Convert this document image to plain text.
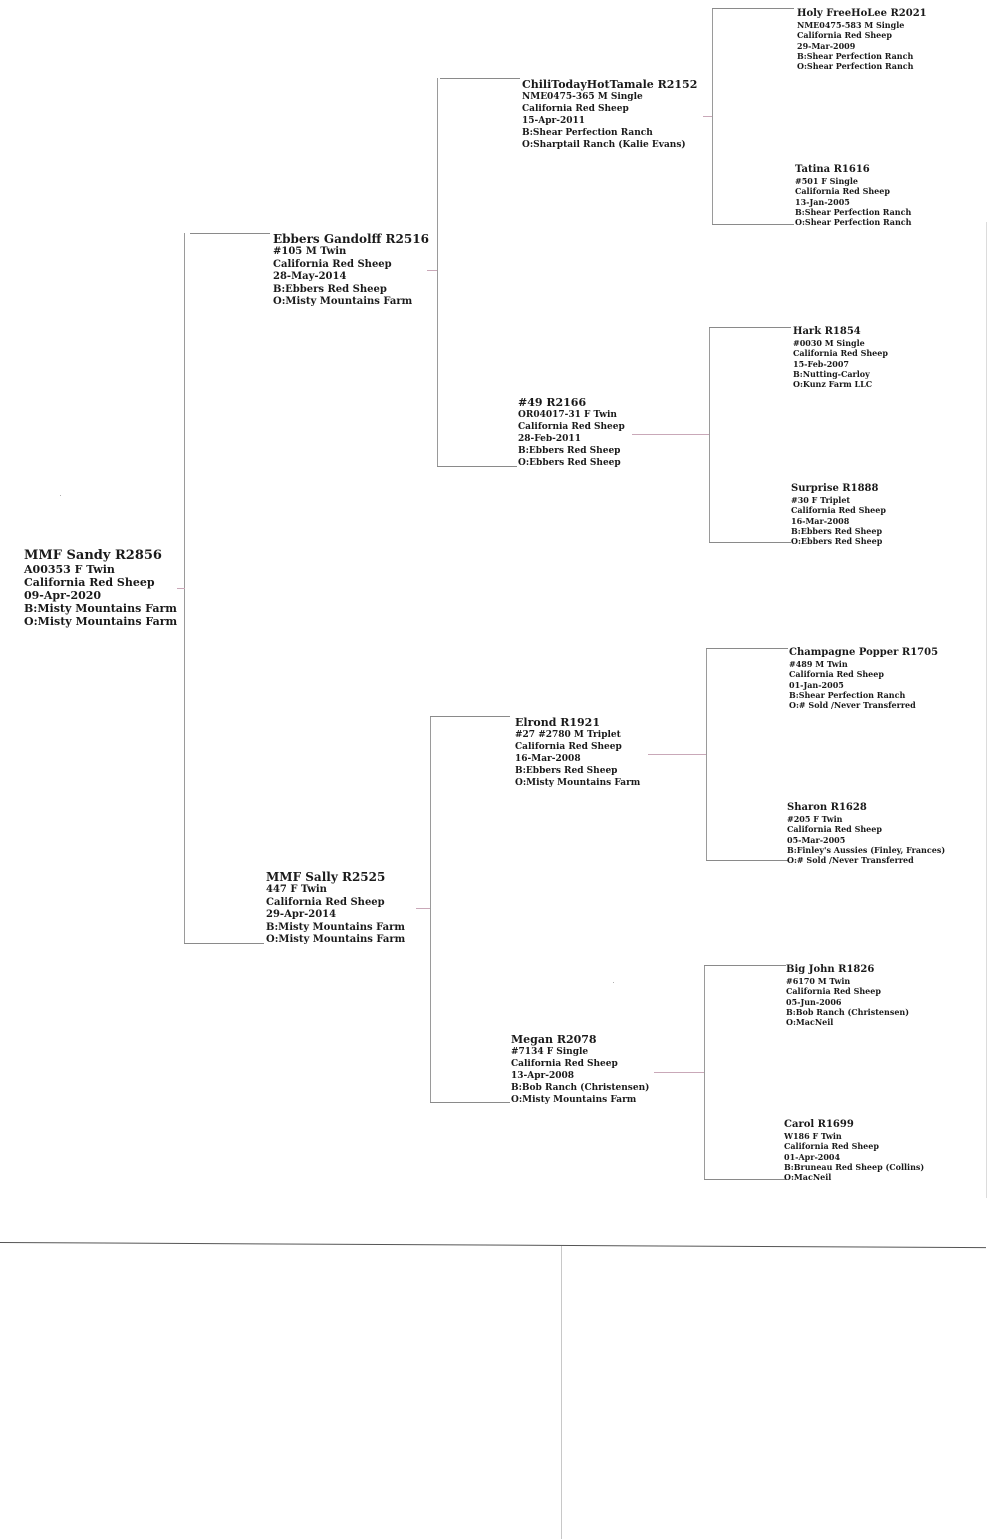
MMF Sandy R2856
A00353 F Twin
California Red Sheep
09-Apr-2020
B:Misty Mountains Farm
O:Misty Mountains Farm
Ebbers Gandolff R2516
#105 M Twin
California Red Sheep
28-May-2014
B:Ebbers Red Sheep
O:Misty Mountains Farm
MMF Sally R2525
447 F Twin
California Red Sheep
29-Apr-2014
B:Misty Mountains Farm
O:Misty Mountains Farm
ChiliTodayHotTamale R2152
NME0475-365 M Single
California Red Sheep
15-Apr-2011
B:Shear Perfection Ranch
O:Sharptail Ranch (Kalie Evans)
#49 R2166
OR04017-31 F Twin
California Red Sheep
28-Feb-2011
B:Ebbers Red Sheep
O:Ebbers Red Sheep
Elrond R1921
#27 #2780 M Triplet
California Red Sheep
16-Mar-2008
B:Ebbers Red Sheep
O:Misty Mountains Farm
Megan R2078
#7134 F Single
California Red Sheep
13-Apr-2008
B:Bob Ranch (Christensen)
O:Misty Mountains Farm
Holy FreeHoLee R2021
NME0475-583 M Single
California Red Sheep
29-Mar-2009
B:Shear Perfection Ranch
O:Shear Perfection Ranch
Tatina R1616
#501 F Single
California Red Sheep
13-Jan-2005
B:Shear Perfection Ranch
O:Shear Perfection Ranch
Hark R1854
#0030 M Single
California Red Sheep
15-Feb-2007
B:Nutting-Carloy
O:Kunz Farm LLC
Surprise R1888
#30 F Triplet
California Red Sheep
16-Mar-2008
B:Ebbers Red Sheep
O:Ebbers Red Sheep
Champagne Popper R1705
#489 M Twin
California Red Sheep
01-Jan-2005
B:Shear Perfection Ranch
O:# Sold /Never Transferred
Sharon R1628
#205 F Twin
California Red Sheep
05-Mar-2005
B:Finley's Aussies (Finley, Frances)
O:# Sold /Never Transferred
Big John R1826
#6170 M Twin
California Red Sheep
05-Jun-2006
B:Bob Ranch (Christensen)
O:MacNeil
Carol R1699
W186 F Twin
California Red Sheep
01-Apr-2004
B:Bruneau Red Sheep (Collins)
O:MacNeil
